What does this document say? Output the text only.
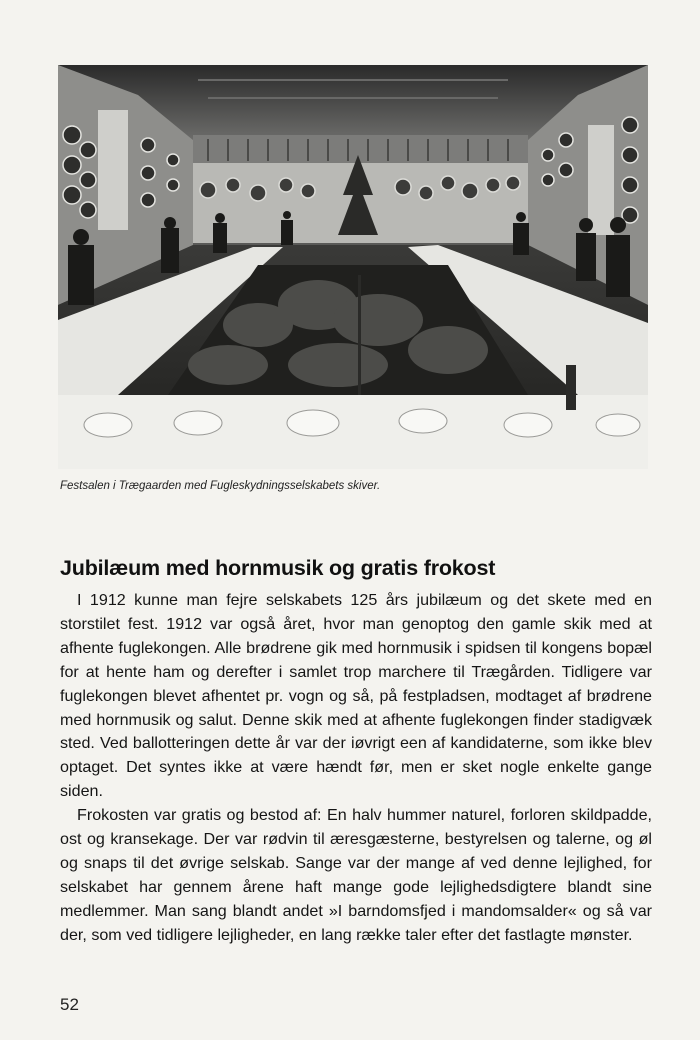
Festsalen i Trægaarden med Fugleskydningsselskabets skiver.
Jubilæum med hornmusik og gratis frokost

I 1912 kunne man fejre selskabets 125 års jubilæum og det skete med en storstilet fest. 1912 var også året, hvor man genoptog den gamle skik med at afhente fuglekongen. Alle brødrene gik med hornmusik i spidsen til kongens bopæl for at hente ham og derefter i samlet trop marchere til Trægården. Tidligere var fuglekongen blevet afhentet pr. vogn og så, på festpladsen, modtaget af brødrene med hornmusik og salut. Denne skik med at afhente fuglekongen finder stadigvæk sted. Ved ballotteringen dette år var der iøvrigt een af kandidaterne, som ikke blev optaget. Det syntes ikke at være hændt før, men er sket nogle enkelte gange siden.

Frokosten var gratis og bestod af: En halv hummer naturel, forloren skildpadde, ost og kransekage. Der var rødvin til æresgæsterne, bestyrelsen og talerne, og øl og snaps til det øvrige selskab. Sange var der mange af ved denne lejlighed, for selskabet har gennem årene haft mange gode lejlighedsdigtere blandt sine medlemmer. Man sang blandt andet »I barndomsfjed i mandomsalder« og så var der, som ved tidligere lejligheder, en lang række taler efter det fastlagte mønster.

52
